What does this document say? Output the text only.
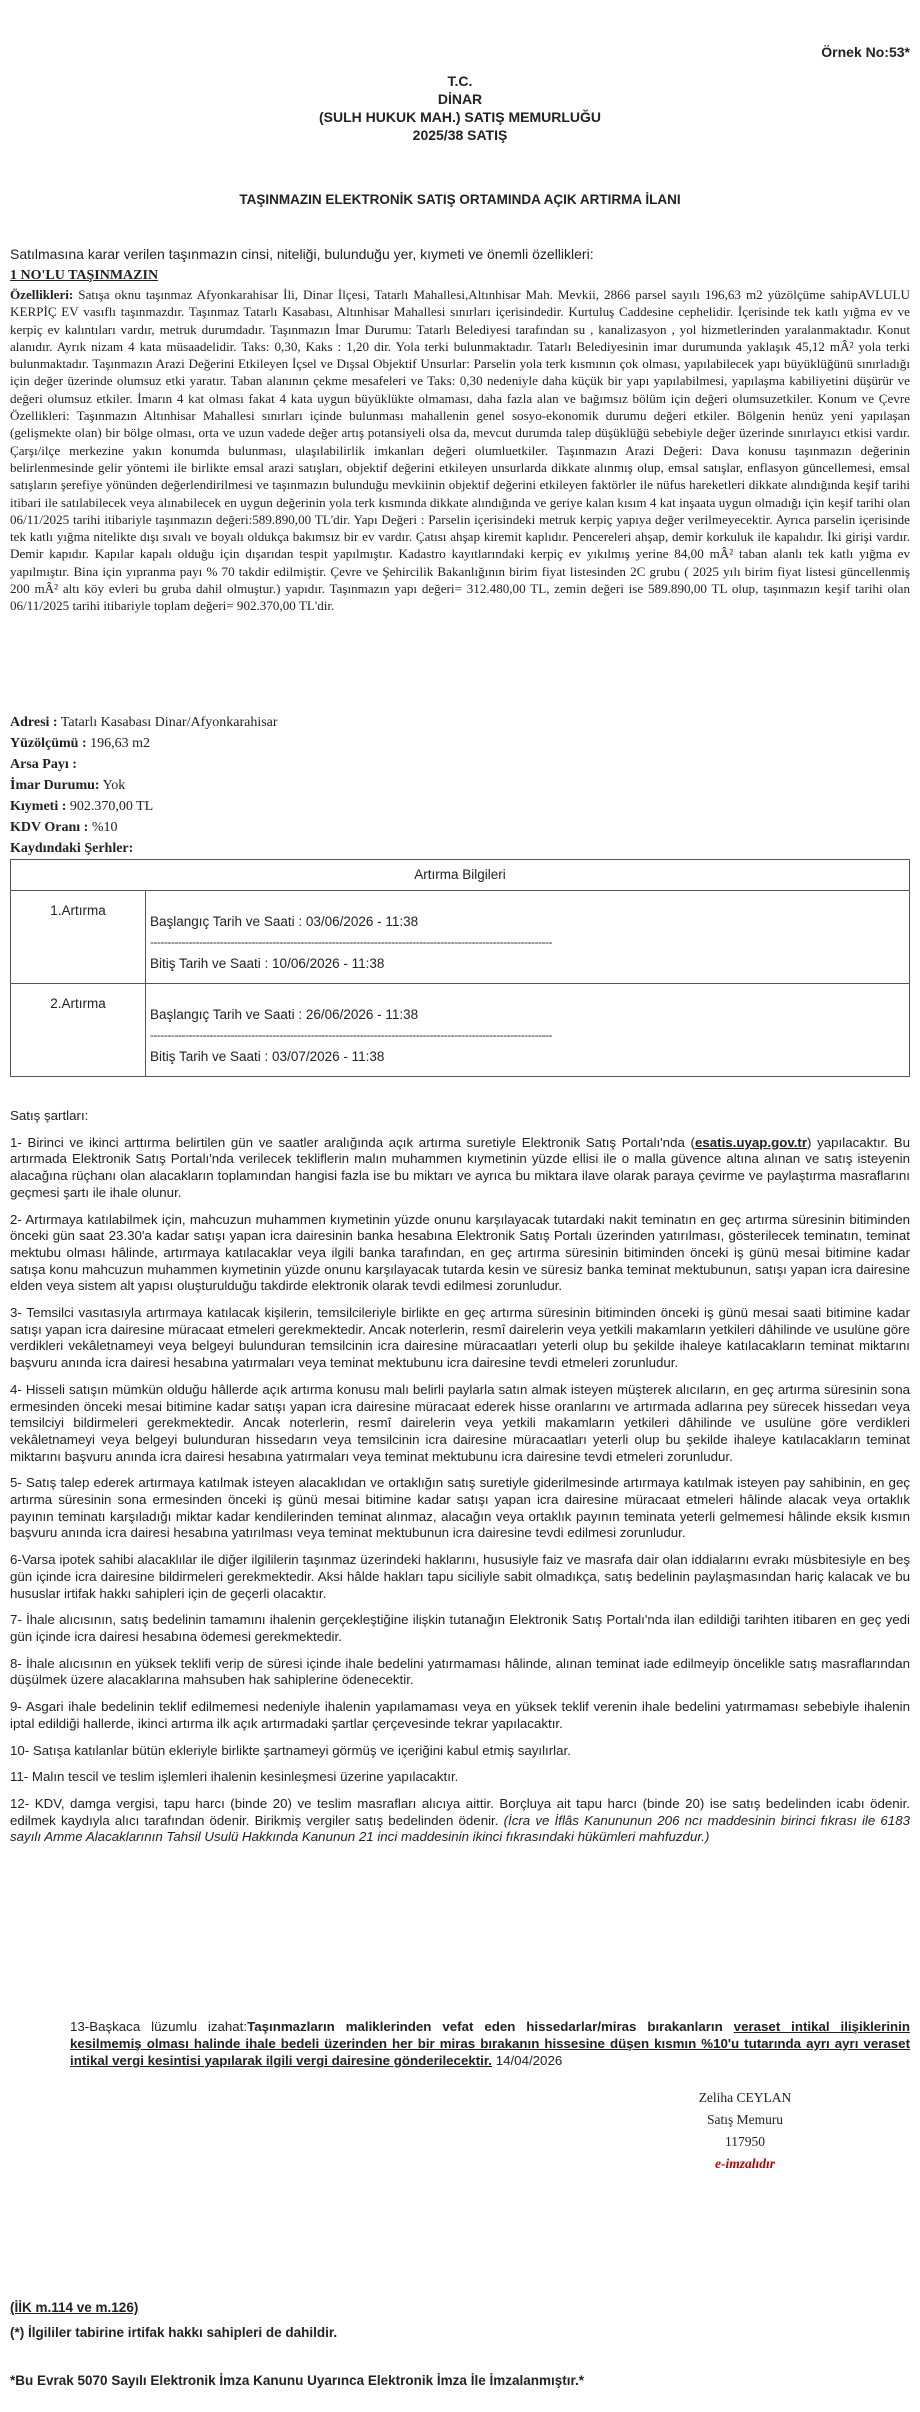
Örnek No:53*
T.C.
DİNAR
(SULH HUKUK MAH.) SATIŞ MEMURLUĞU
2025/38 SATIŞ
TAŞINMAZIN ELEKTRONİK SATIŞ ORTAMINDA AÇIK ARTIRMA İLANI
Satılmasına karar verilen taşınmazın cinsi, niteliği, bulunduğu yer, kıymeti ve önemli özellikleri:
1 NO'LU TAŞINMAZIN
Özellikleri: Satışa oknu taşınmaz Afyonkarahisar İli, Dinar İlçesi, Tatarlı Mahallesi,Altınhisar Mah. Mevkii, 2866 parsel sayılı 196,63 m2 yüzölçüme sahipAVLULU KERPİÇ EV vasıflı taşınmazdır. Taşınmaz Tatarlı Kasabası, Altınhisar Mahallesi sınırları içerisindedir. Kurtuluş Caddesine cephelidir. İçerisinde tek katlı yığma ev ve kerpiç ev kalıntıları vardır, metruk durumdadır. Taşınmazın İmar Durumu: Tatarlı Belediyesi tarafından su , kanalizasyon , yol hizmetlerinden yaralanmaktadır. Konut alanıdır. Ayrık nizam 4 kata müsaadelidir. Taks: 0,30, Kaks : 1,20 dir. Yola terki bulunmaktadır. Tatarlı Belediyesinin imar durumunda yaklaşık 45,12 mÂ² yola terki bulunmaktadır. Taşınmazın Arazi Değerini Etkileyen İçsel ve Dışsal Objektif Unsurlar: Parselin yola terk kısmının çok olması, yapılabilecek yapı büyüklüğünü sınırladığı için değer üzerinde olumsuz etki yaratır. Taban alanının çekme mesafeleri ve Taks: 0,30 nedeniyle daha küçük bir yapı yapılabilmesi, yapılaşma kabiliyetini düşürür ve değeri olumsuz etkiler. İmarın 4 kat olması fakat 4 kata uygun büyüklükte olmaması, daha fazla alan ve bağımsız bölüm için değeri olumsuzetkiler. Konum ve Çevre Özellikleri: Taşınmazın Altınhisar Mahallesi sınırları içinde bulunması mahallenin genel sosyo-ekonomik durumu değeri etkiler. Bölgenin henüz yeni yapılaşan (gelişmekte olan) bir bölge olması, orta ve uzun vadede değer artış potansiyeli olsa da, mevcut durumda talep düşüklüğü sebebiyle değer üzerinde sınırlayıcı etkisi vardır. Çarşı/ilçe merkezine yakın konumda bulunması, ulaşılabilirlik imkanları değeri olumluetkiler. Taşınmazın Arazi Değeri: Dava konusu taşınmazın değerinin belirlenmesinde gelir yöntemi ile birlikte emsal arazi satışları, objektif değerini etkileyen unsurlarda dikkate alınmış olup, emsal satışlar, enflasyon güncellemesi, emsal satışların şerefiye yönünden değerlendirilmesi ve taşınmazın bulunduğu mevkiinin objektif değerini etkileyen faktörler ile nüfus hareketleri dikkate alındığında keşif tarihi itibari ile satılabilecek veya alınabilecek en uygun değerinin yola terk kısmında dikkate alındığında ve geriye kalan kısım 4 kat inşaata uygun olmadığı için keşif tarihi olan 06/11/2025 tarihi itibariyle taşınmazın değeri:589.890,00 TL'dir. Yapı Değeri : Parselin içerisindeki metruk kerpiç yapıya değer verilmeyecektir. Ayrıca parselin içerisinde tek katlı yığma nitelikte dışı sıvalı ve boyalı oldukça bakımsız bir ev vardır. Çatısı ahşap kiremit kaplıdır. Pencereleri ahşap, demir korkuluk ile kapalıdır. İki girişi vardır. Demir kapıdır. Kapılar kapalı olduğu için dışarıdan tespit yapılmıştır. Kadastro kayıtlarındaki kerpiç ev yıkılmış yerine 84,00 mÂ² taban alanlı tek katlı yığma ev yapılmıştır. Bina için yıpranma payı % 70 takdir edilmiştir. Çevre ve Şehircilik Bakanlığının birim fiyat listesinden 2C grubu ( 2025 yılı birim fiyat listesi güncellenmiş 200 mÂ² altı köy evleri bu gruba dahil olmuştur.) yapıdır. Taşınmazın yapı değeri= 312.480,00 TL, zemin değeri ise 589.890,00 TL olup, taşınmazın keşif tarihi olan 06/11/2025 tarihi itibariyle toplam değeri= 902.370,00 TL'dir.
Adresi : Tatarlı Kasabası Dinar/Afyonkarahisar
Yüzölçümü : 196,63 m2
Arsa Payı :
İmar Durumu: Yok
Kıymeti : 902.370,00 TL
KDV Oranı : %10
Kaydındaki Şerhler:
Artırma Bilgileri	
1.Artırma	Başlangıç Tarih ve Saati : 03/06/2026 - 11:38
-------------------------------------------------------------------------------------------------------------------
Bitiş Tarih ve Saati : 10/06/2026 - 11:38

2.Artırma	Başlangıç Tarih ve Saati : 26/06/2026 - 11:38
-------------------------------------------------------------------------------------------------------------------
Bitiş Tarih ve Saati : 03/07/2026 - 11:38

Satış şartları:

1- Birinci ve ikinci arttırma belirtilen gün ve saatler aralığında açık artırma suretiyle Elektronik Satış Portalı'nda (esatis.uyap.gov.tr) yapılacaktır. Bu artırmada Elektronik Satış Portalı'nda verilecek tekliflerin malın muhammen kıymetinin yüzde ellisi ile o malla güvence altına alınan ve satış isteyenin alacağına rüçhanı olan alacakların toplamından hangisi fazla ise bu miktarı ve ayrıca bu miktara ilave olarak paraya çevirme ve paylaştırma masraflarını geçmesi şartı ile ihale olunur.

2- Artırmaya katılabilmek için, mahcuzun muhammen kıymetinin yüzde onunu karşılayacak tutardaki nakit teminatın en geç artırma süresinin bitiminden önceki gün saat 23.30'a kadar satışı yapan icra dairesinin banka hesabına Elektronik Satış Portalı üzerinden yatırılması, gösterilecek teminatın, teminat mektubu olması hâlinde, artırmaya katılacaklar veya ilgili banka tarafından, en geç artırma süresinin bitiminden önceki iş günü mesai bitimine kadar satışa konu mahcuzun muhammen kıymetinin yüzde onunu karşılayacak tutarda kesin ve süresiz banka teminat mektubunun, satışı yapan icra dairesine elden veya sistem alt yapısı oluşturulduğu takdirde elektronik olarak tevdi edilmesi zorunludur.

3- Temsilci vasıtasıyla artırmaya katılacak kişilerin, temsilcileriyle birlikte en geç artırma süresinin bitiminden önceki iş günü mesai saati bitimine kadar satışı yapan icra dairesine müracaat etmeleri gerekmektedir. Ancak noterlerin, resmî dairelerin veya yetkili makamların yetkileri dâhilinde ve usulüne göre verdikleri vekâletnameyi veya belgeyi bulunduran temsilcinin icra dairesine müracaatları yeterli olup bu şekilde ihaleye katılacakların teminat miktarını başvuru anında icra dairesi hesabına yatırmaları veya teminat mektubunu icra dairesine tevdi etmeleri zorunludur.

4- Hisseli satışın mümkün olduğu hâllerde açık artırma konusu malı belirli paylarla satın almak isteyen müşterek alıcıların, en geç artırma süresinin sona ermesinden önceki mesai bitimine kadar satışı yapan icra dairesine müracaat ederek hisse oranlarını ve artırmada adlarına pey sürecek hissedarı veya temsilciyi bildirmeleri gerekmektedir. Ancak noterlerin, resmî dairelerin veya yetkili makamların yetkileri dâhilinde ve usulüne göre verdikleri vekâletnameyi veya belgeyi bulunduran hissedarın veya temsilcinin icra dairesine müracaatları yeterli olup bu şekilde ihaleye katılacakların teminat miktarını başvuru anında icra dairesi hesabına yatırmaları veya teminat mektubunu icra dairesine tevdi etmeleri zorunludur.

5- Satış talep ederek artırmaya katılmak isteyen alacaklıdan ve ortaklığın satış suretiyle giderilmesinde artırmaya katılmak isteyen pay sahibinin, en geç artırma süresinin sona ermesinden önceki iş günü mesai bitimine kadar satışı yapan icra dairesine müracaat etmeleri hâlinde alacak veya ortaklık payının teminatı karşıladığı miktar kadar kendilerinden teminat alınmaz, alacağın veya ortaklık payının teminata yeterli gelmemesi hâlinde eksik kısmın başvuru anında icra dairesi hesabına yatırılması veya teminat mektubunun icra dairesine tevdi edilmesi zorunludur.

6-Varsa ipotek sahibi alacaklılar ile diğer ilgililerin taşınmaz üzerindeki haklarını, hususiyle faiz ve masrafa dair olan iddialarını evrakı müsbitesiyle en beş gün içinde icra dairesine bildirmeleri gerekmektedir. Aksi hâlde hakları tapu siciliyle sabit olmadıkça, satış bedelinin paylaşmasından hariç kalacak ve bu hususlar irtifak hakkı sahipleri için de geçerli olacaktır.

7- İhale alıcısının, satış bedelinin tamamını ihalenin gerçekleştiğine ilişkin tutanağın Elektronik Satış Portalı'nda ilan edildiği tarihten itibaren en geç yedi gün içinde icra dairesi hesabına ödemesi gerekmektedir.

8- İhale alıcısının en yüksek teklifi verip de süresi içinde ihale bedelini yatırmaması hâlinde, alınan teminat iade edilmeyip öncelikle satış masraflarından düşülmek üzere alacaklarına mahsuben hak sahiplerine ödenecektir.

9- Asgari ihale bedelinin teklif edilmemesi nedeniyle ihalenin yapılamaması veya en yüksek teklif verenin ihale bedelini yatırmaması sebebiyle ihalenin iptal edildiği hallerde, ikinci artırma ilk açık artırmadaki şartlar çerçevesinde tekrar yapılacaktır.

10- Satışa katılanlar bütün ekleriyle birlikte şartnameyi görmüş ve içeriğini kabul etmiş sayılırlar.

11- Malın tescil ve teslim işlemleri ihalenin kesinleşmesi üzerine yapılacaktır.

12- KDV, damga vergisi, tapu harcı (binde 20) ve teslim masrafları alıcıya aittir. Borçluya ait tapu harcı (binde 20) ise satış bedelinden icabı ödenir. edilmek kaydıyla alıcı tarafından ödenir. Birikmiş vergiler satış bedelinden ödenir. (İcra ve İflâs Kanununun 206 ncı maddesinin birinci fıkrası ile 6183 sayılı Amme Alacaklarının Tahsil Usulü Hakkında Kanunun 21 inci maddesinin ikinci fıkrasındaki hükümleri mahfuzdur.)

13-Başkaca lüzumlu izahat:Taşınmazların maliklerinden vefat eden hissedarlar/miras bırakanların veraset intikal ilişiklerinin kesilmemiş olması halinde ihale bedeli üzerinden her bir miras bırakanın hissesine düşen kısmın %10'u tutarında ayrı ayrı veraset intikal vergi kesintisi yapılarak ilgili vergi dairesine gönderilecektir. 14/04/2026
Zeliha CEYLAN
Satış Memuru
117950
e-imzalıdır
(İİK m.114 ve m.126)
(*) İlgililer tabirine irtifak hakkı sahipleri de dahildir.
*Bu Evrak 5070 Sayılı Elektronik İmza Kanunu Uyarınca Elektronik İmza İle İmzalanmıştır.*
